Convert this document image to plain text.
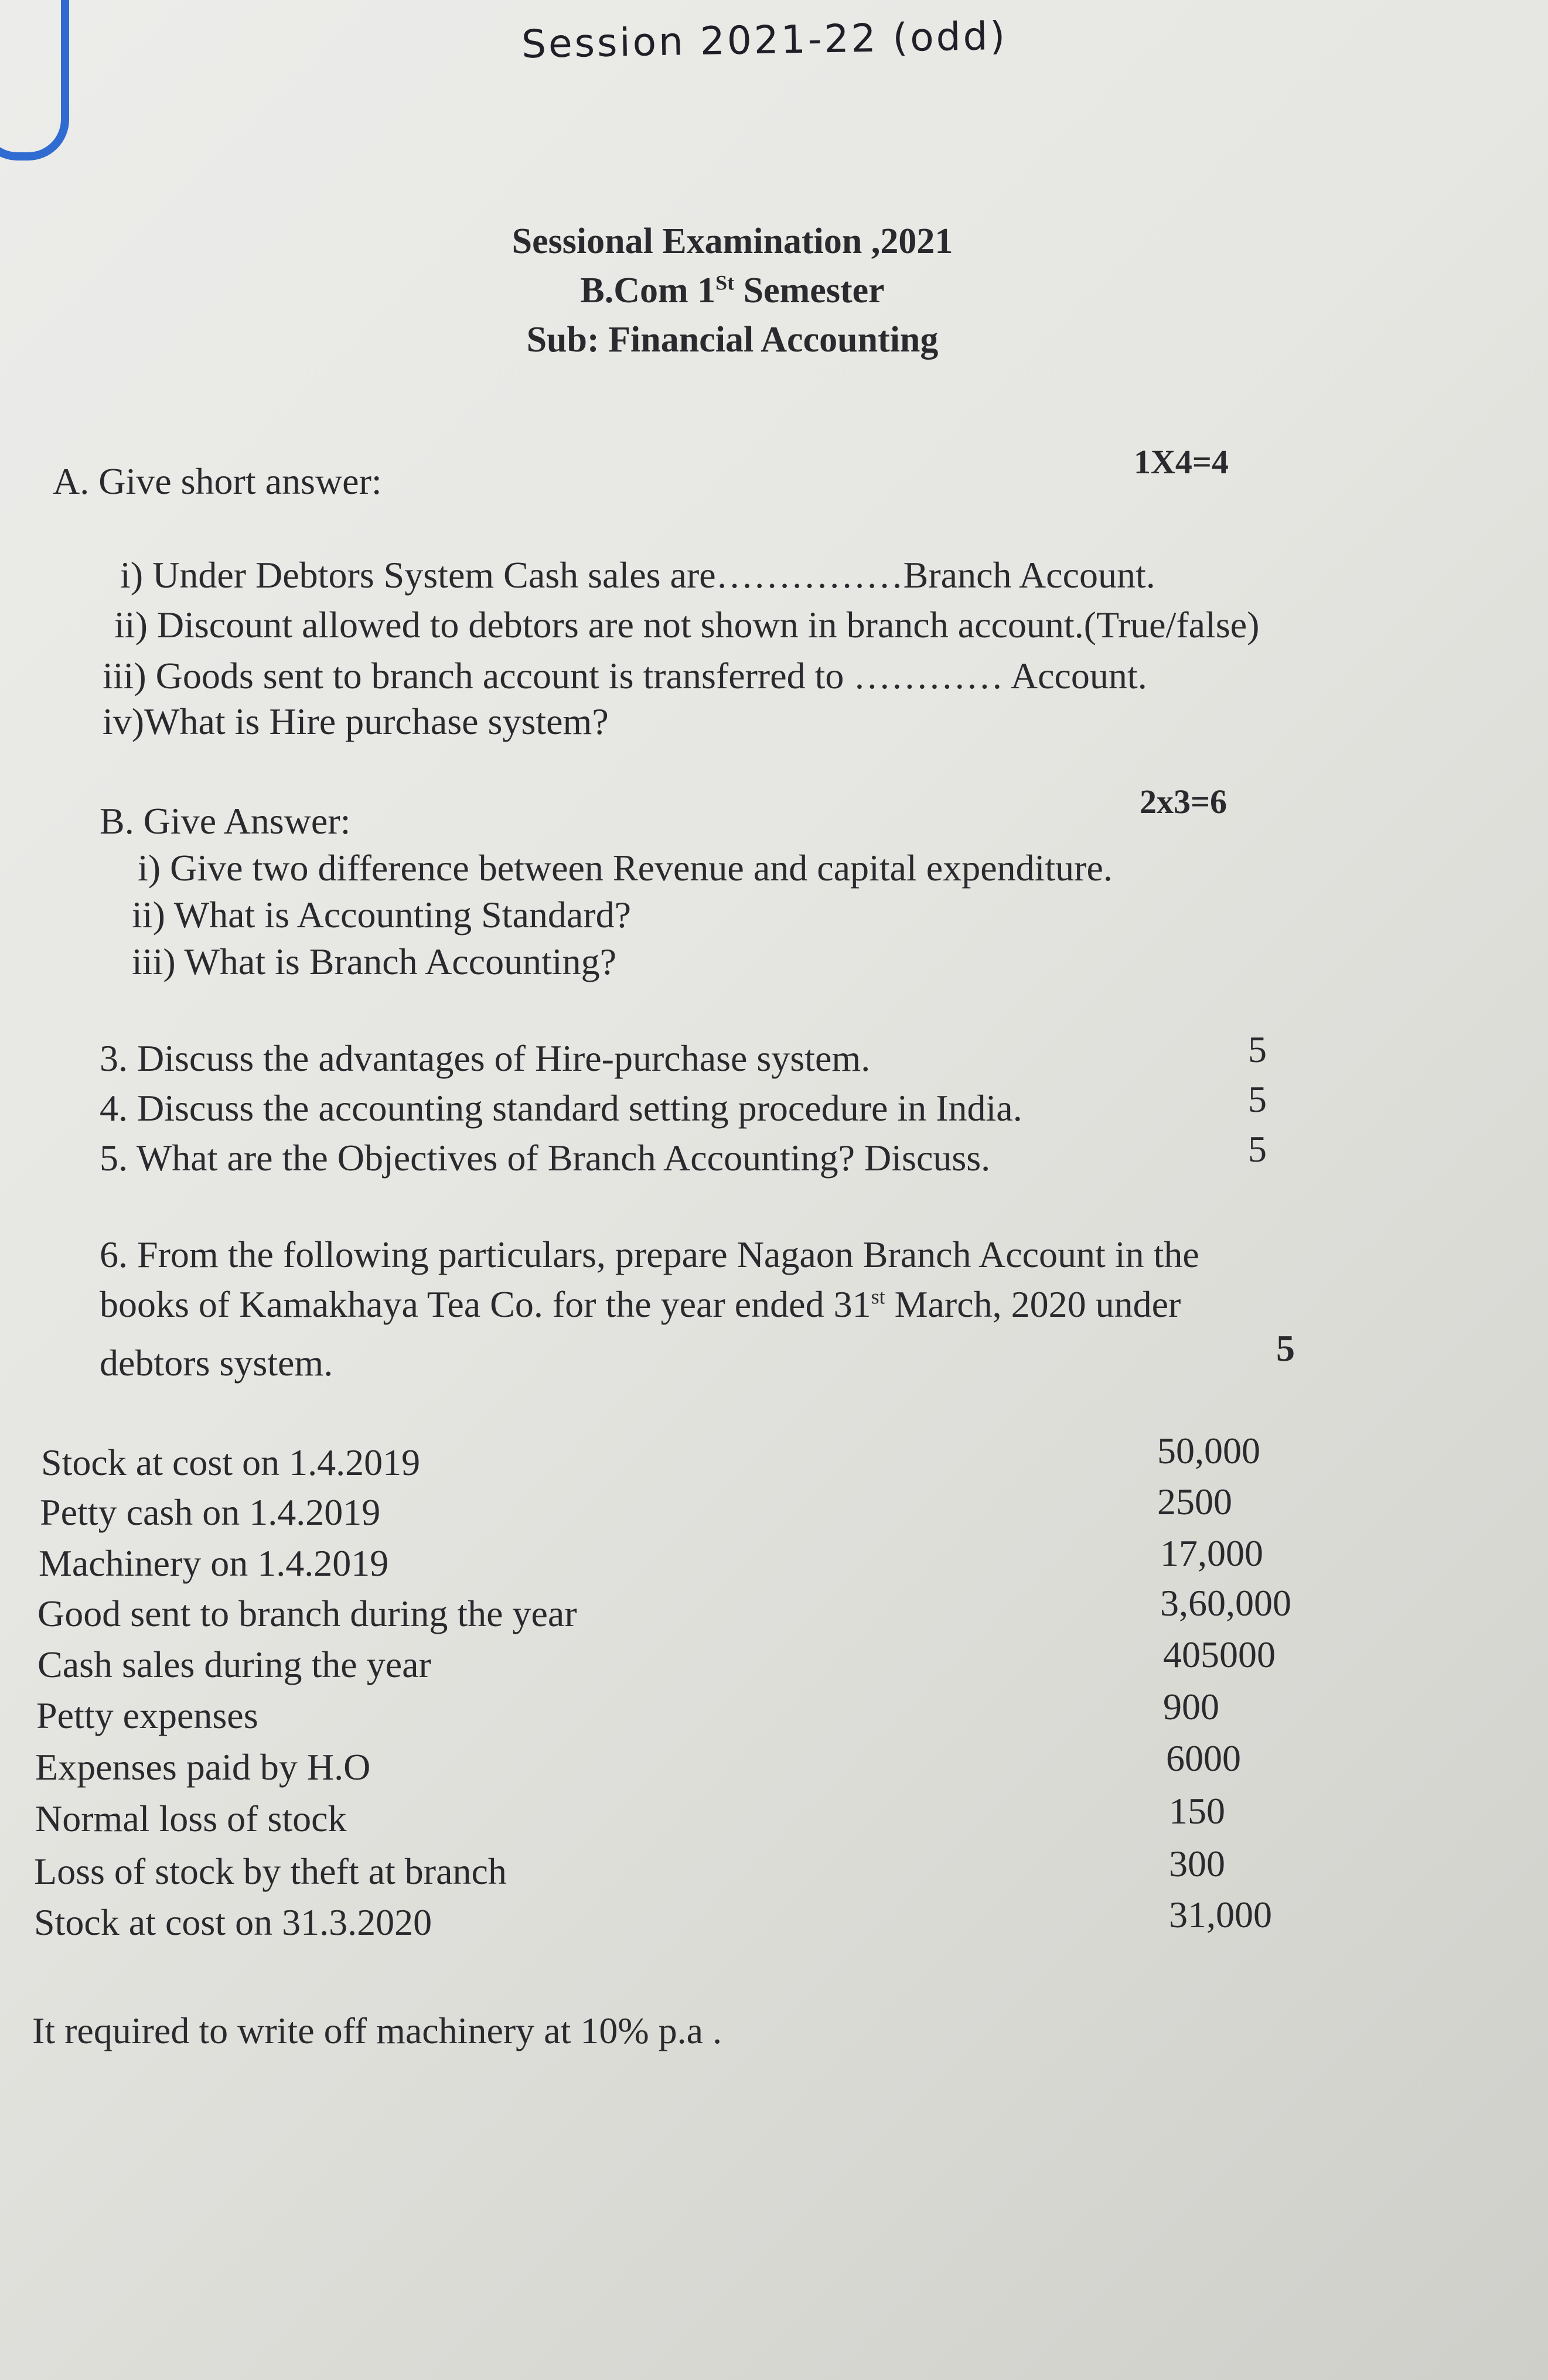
Session 2021-22 (odd)
Sessional Examination ,2021
B.Com 1St Semester
Sub: Financial Accounting
A. Give short answer:	1X4=4
i) Under Debtors System Cash sales are……………Branch Account.
ii) Discount allowed to debtors are not shown in branch account.(True/false)
iii) Goods sent to branch account is transferred to ………… Account.
iv)What is Hire purchase system?
B. Give Answer:	2x3=6
i) Give two difference between Revenue and capital expenditure.
ii) What is Accounting Standard?
iii) What is Branch Accounting?
3. Discuss the advantages of Hire-purchase system.	5
4. Discuss the accounting standard setting procedure in India.	5
5. What are the Objectives of Branch Accounting? Discuss.	5
6. From the following particulars, prepare Nagaon Branch Account in the
books of Kamakhaya Tea Co. for the year ended 31st March, 2020 under
debtors system.	5
Stock at cost on 1.4.2019	50,000
Petty cash on 1.4.2019	2500
Machinery on 1.4.2019	17,000
Good sent to branch during the year	3,60,000
Cash sales during the year	405000
Petty expenses	900
Expenses paid by H.O	6000
Normal loss of stock	150
Loss of stock by theft at branch	300
Stock at cost on 31.3.2020	31,000
It required to write off machinery at 10% p.a .
